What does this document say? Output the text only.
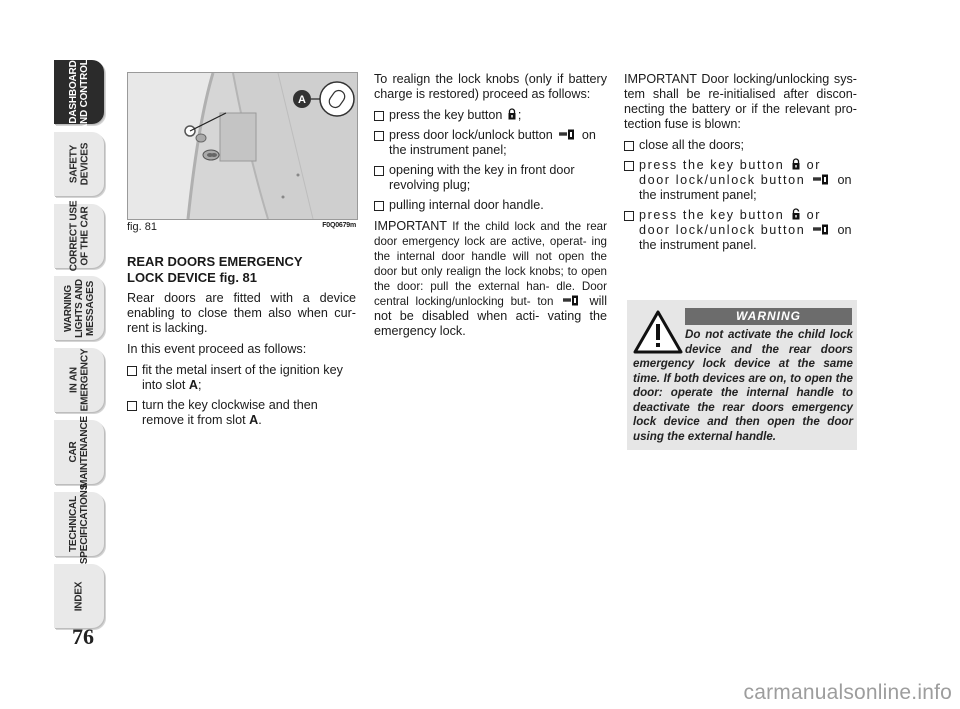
DASHBOARD
AND CONTROLS
SAFETY
DEVICES
CORRECT USE
OF THE CAR
WARNING
LIGHTS AND
MESSAGES
IN AN
EMERGENCY
CAR
MAINTENANCE
TECHNICAL
SPECIFICATIONS
INDEX
76
A
fig. 81	F0Q0679m
REAR DOORS EMERGENCY
LOCK DEVICE fig. 81

Rear doors are fitted with a device enabling to close them also when cur- rent is lacking.

In this event proceed as follows:

fit the metal insert of the ignition key into slot A;
turn the key clockwise and then remove it from slot A.

To realign the lock knobs (only if battery charge is restored) proceed as follows:

press the key button ;
press door lock/unlock button on the instrument panel;
opening with the key in front door revolving plug;
pulling internal door handle.

IMPORTANT If the child lock and the rear door emergency lock are active, operat- ing the internal door handle will not open the door but only realign the lock knobs; to open the door: pull the external han- dle. Door central locking/unlocking but- ton	will not be disabled when acti- vating the emergency lock.

IMPORTANT Door locking/unlocking sys- tem shall be re-initialised after discon- necting the battery or if the relevant pro- tection fuse is blown:

close all the doors;
press the key button or door lock/unlock button	on the instrument panel;
press the key button or door lock/unlock button	on the instrument panel.
WARNING
Do not activate the child lock device and the rear doors emergency lock device at the same time. If both devices are on, to open the door: operate the internal handle to deactivate the rear doors emergency lock device and then open the door using the external handle.
carmanualsonline.info
